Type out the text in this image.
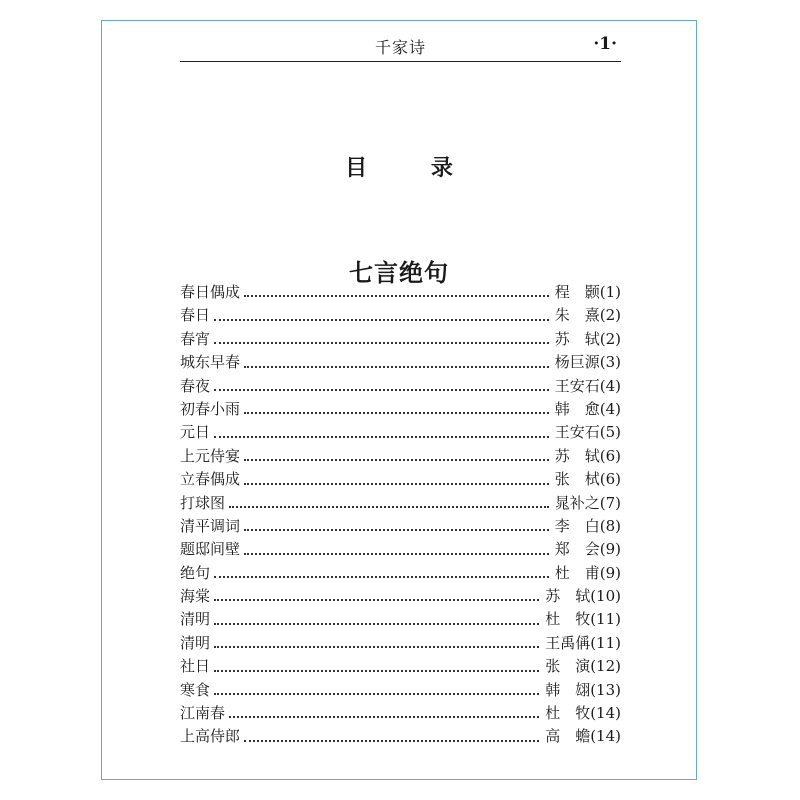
千家诗	·1·
目 录
七言绝句
春日偶成	程　颢 (1)
春日	朱　熹 (2)
春宵	苏　轼 (2)
城东早春	杨巨源 (3)
春夜	王安石 (4)
初春小雨	韩　愈 (4)
元日	王安石 (5)
上元侍宴	苏　轼 (6)
立春偶成	张　栻 (6)
打球图	晁补之 (7)
清平调词	李　白 (8)
题邸间壁	郑　会 (9)
绝句	杜　甫 (9)
海棠	苏　轼 (10)
清明	杜　牧 (11)
清明	王禹偁 (11)
社日	张　演 (12)
寒食	韩　翃 (13)
江南春	杜　牧 (14)
上高侍郎	高　蟾 (14)
